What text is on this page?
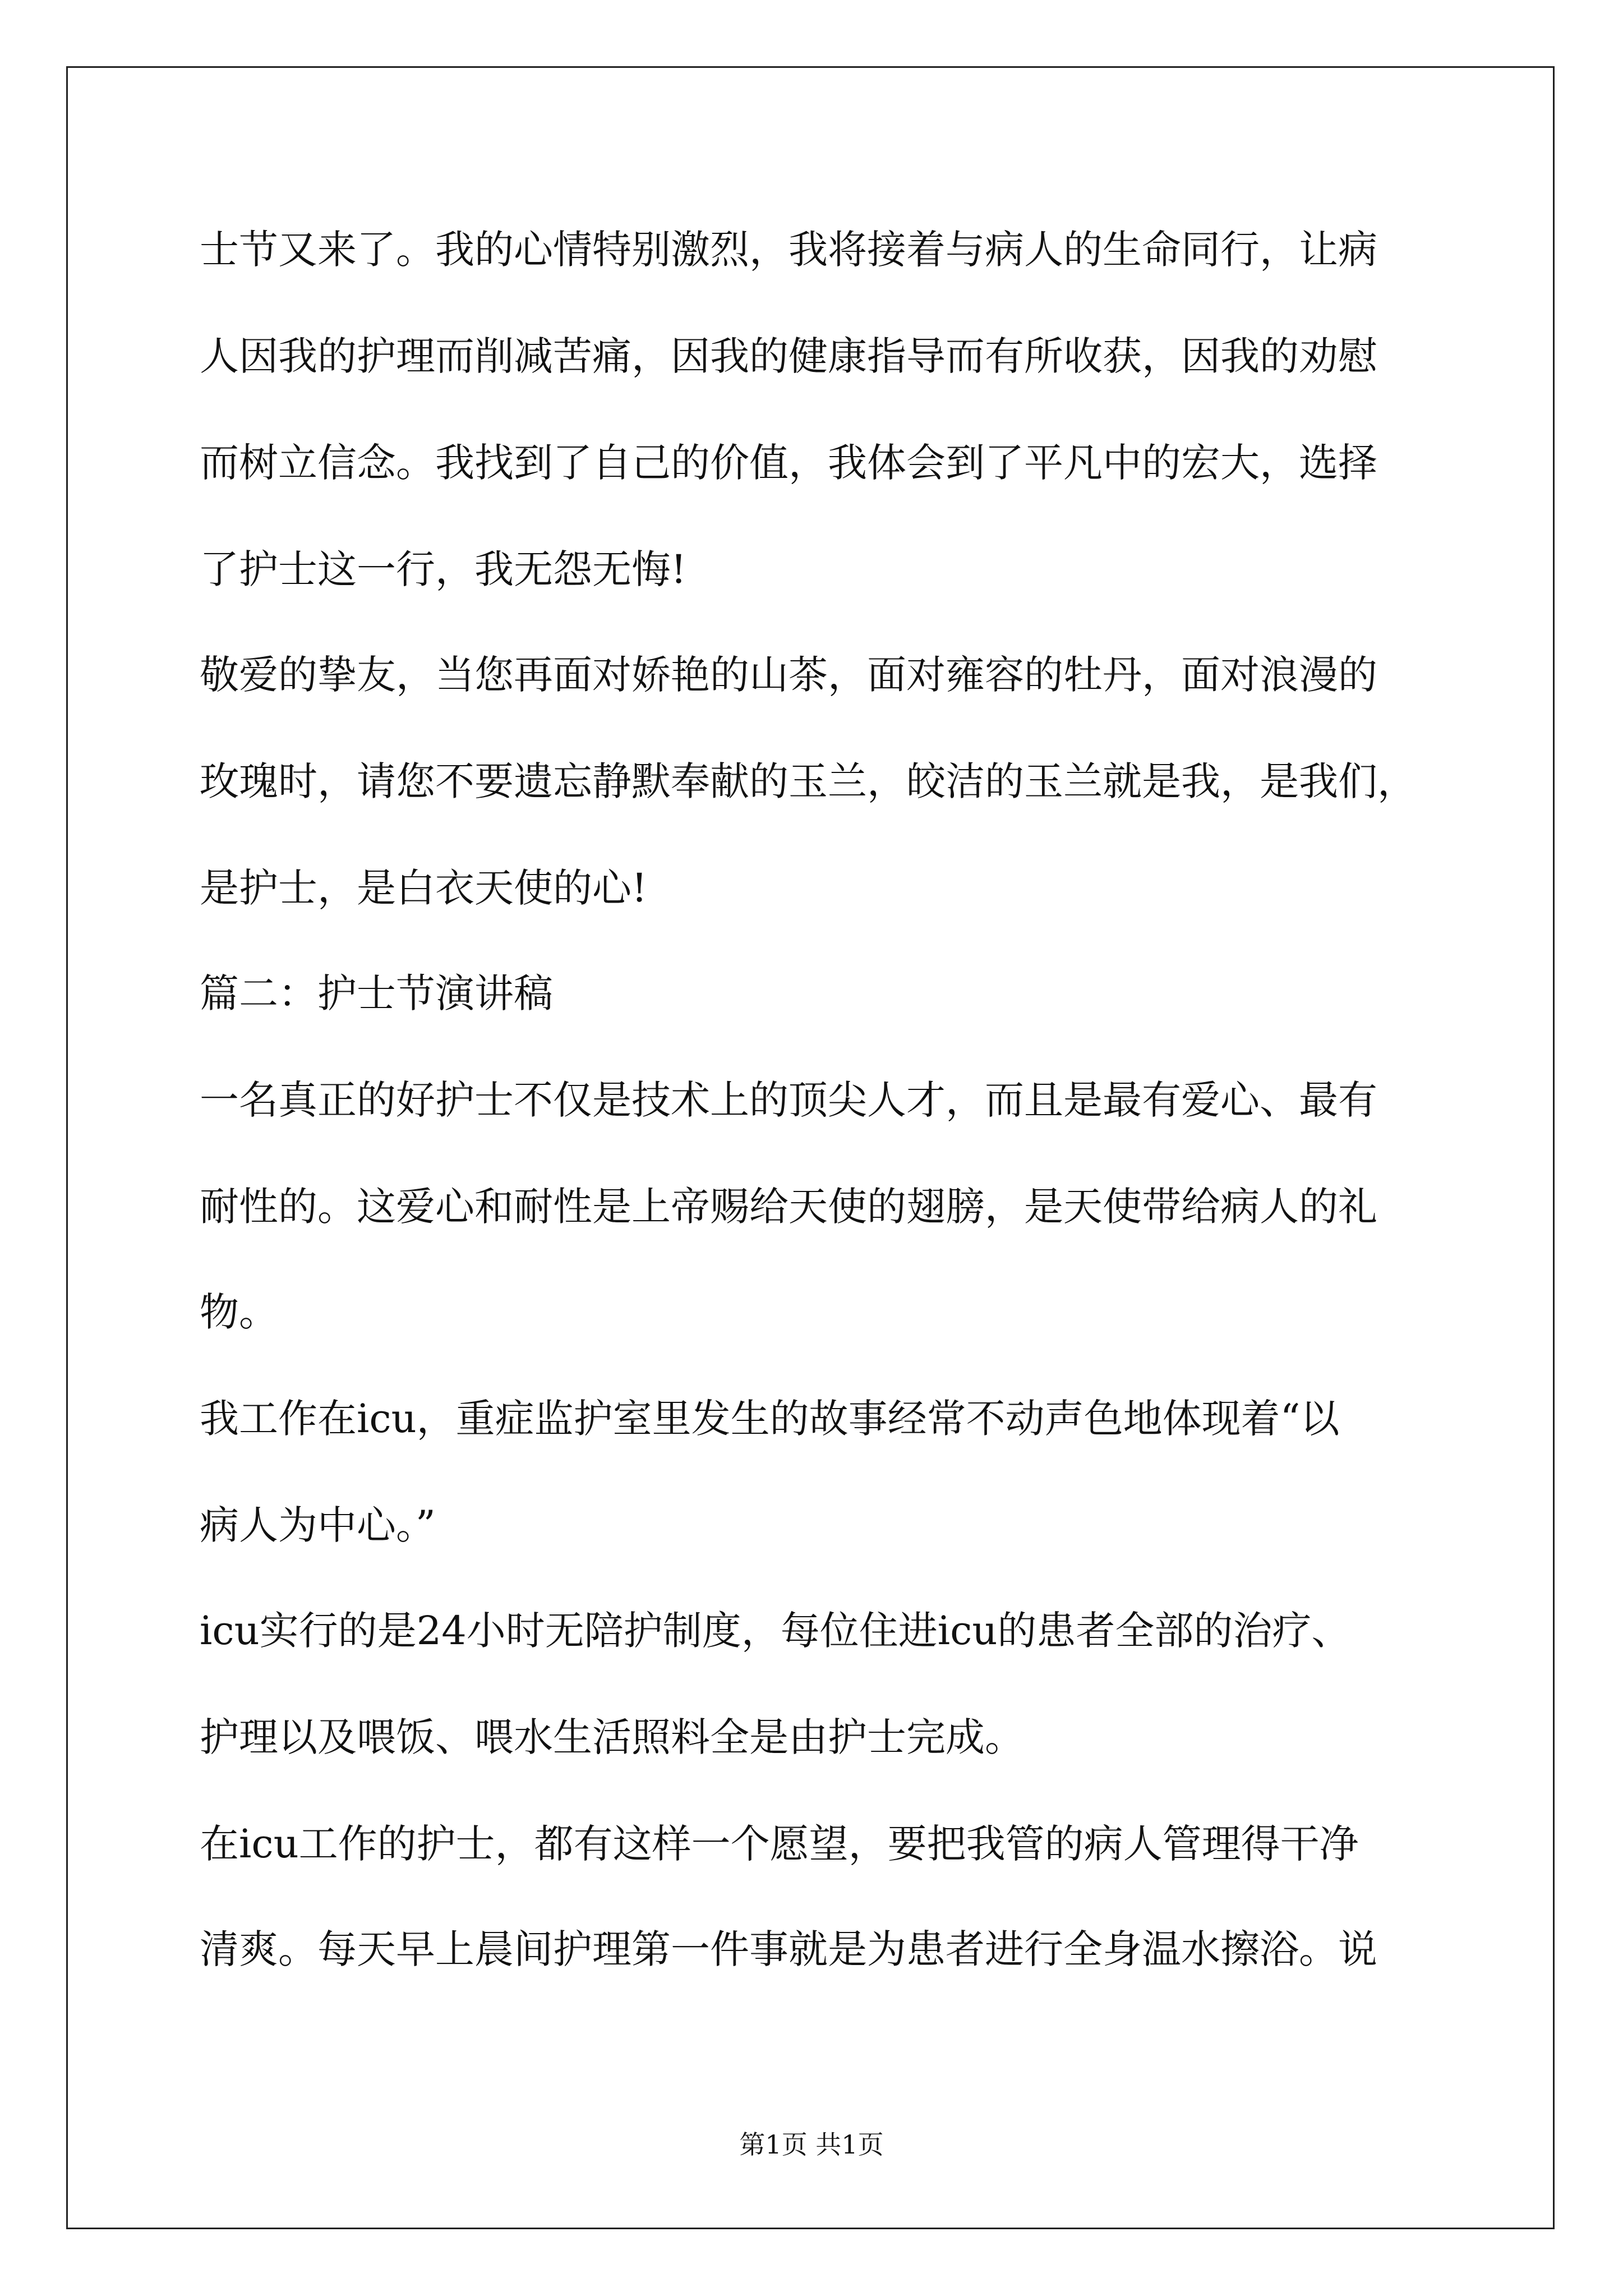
士节又来了。我的心情特别激烈，我将接着与病人的生命同行，让病
人因我的护理而削减苦痛，因我的健康指导而有所收获，因我的劝慰
而树立信念。我找到了自己的价值，我体会到了平凡中的宏大，选择
了护士这一行，我无怨无悔!
敬爱的挚友，当您再面对娇艳的山茶，面对雍容的牡丹，面对浪漫的
玫瑰时，请您不要遗忘静默奉献的玉兰，皎洁的玉兰就是我，是我们，
是护士，是白衣天使的心!
篇二：护士节演讲稿
一名真正的好护士不仅是技术上的顶尖人才，而且是最有爱心、最有
耐性的。这爱心和耐性是上帝赐给天使的翅膀，是天使带给病人的礼
物。
我工作在icu，重症监护室里发生的故事经常不动声色地体现着“以
病人为中心。”
icu实行的是24小时无陪护制度，每位住进icu的患者全部的治疗、
护理以及喂饭、喂水生活照料全是由护士完成。
在icu工作的护士，都有这样一个愿望，要把我管的病人管理得干净
清爽。每天早上晨间护理第一件事就是为患者进行全身温水擦浴。说
第1页 共1页
